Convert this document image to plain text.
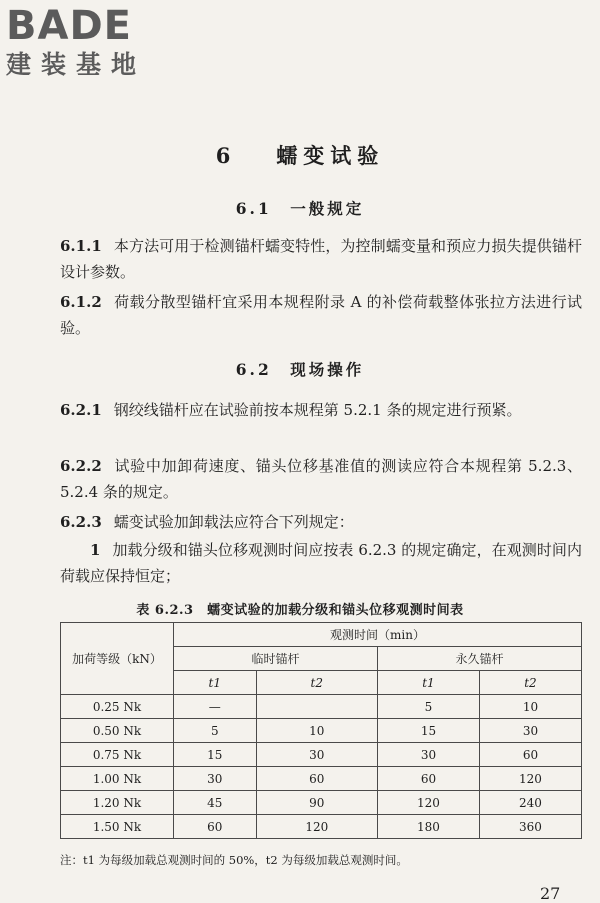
BADE
建装基地
6 蠕变试验
6.1　一般规定
6.1.1 本方法可用于检测锚杆蠕变特性，为控制蠕变量和预应力损失提供锚杆设计参数。
6.1.2 荷载分散型锚杆宜采用本规程附录 A 的补偿荷载整体张拉方法进行试验。
6.2　现场操作
6.2.1 钢绞线锚杆应在试验前按本规程第 5.2.1 条的规定进行预紧。
6.2.2 试验中加卸荷速度、锚头位移基准值的测读应符合本规程第 5.2.3、5.2.4 条的规定。
6.2.3 蠕变试验加卸载法应符合下列规定：
1 加载分级和锚头位移观测时间应按表 6.2.3 的规定确定，在观测时间内荷载应保持恒定；
表 6.2.3　蠕变试验的加载分级和锚头位移观测时间表
加荷等级（kN）	观测时间（min）			
	临时锚杆		永久锚杆	
	t1	t2	t1	t2
0.25 Nk	—		5	10
0.50 Nk	5	10	15	30
0.75 Nk	15	30	30	60
1.00 Nk	30	60	60	120
1.20 Nk	45	90	120	240
1.50 Nk	60	120	180	360
注：t1 为每级加载总观测时间的 50%，t2 为每级加载总观测时间。
27
